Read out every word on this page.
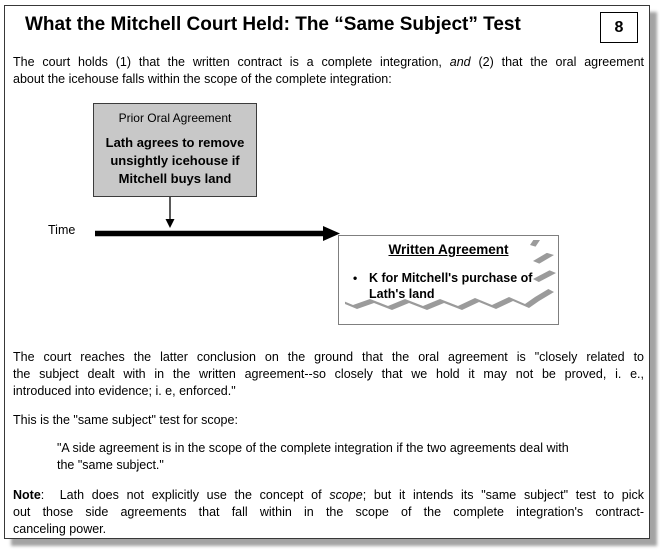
What the Mitchell Court Held: The “Same Subject” Test	8
The court holds (1) that the written contract is a complete integration, and (2) that the oral agreement
about the icehouse falls within the scope of the complete integration:
Prior Oral Agreement
Lath agrees to remove unsightly icehouse if Mitchell buys land
Time
Written Agreement
• K for Mitchell's purchase of Lath's land
The court reaches the latter conclusion on the ground that the oral agreement is "closely related to
the subject dealt with in the written agreement--so closely that we hold it may not be proved, i. e.,
introduced into evidence; i. e, enforced."
This is the "same subject" test for scope:
"A side agreement is in the scope of the complete integration if the two agreements deal with
the "same subject."
Note:  Lath does not explicitly use the concept of scope; but it intends its "same subject" test to pick
out those side agreements that fall within in the scope of the complete integration's contract-
canceling power.
